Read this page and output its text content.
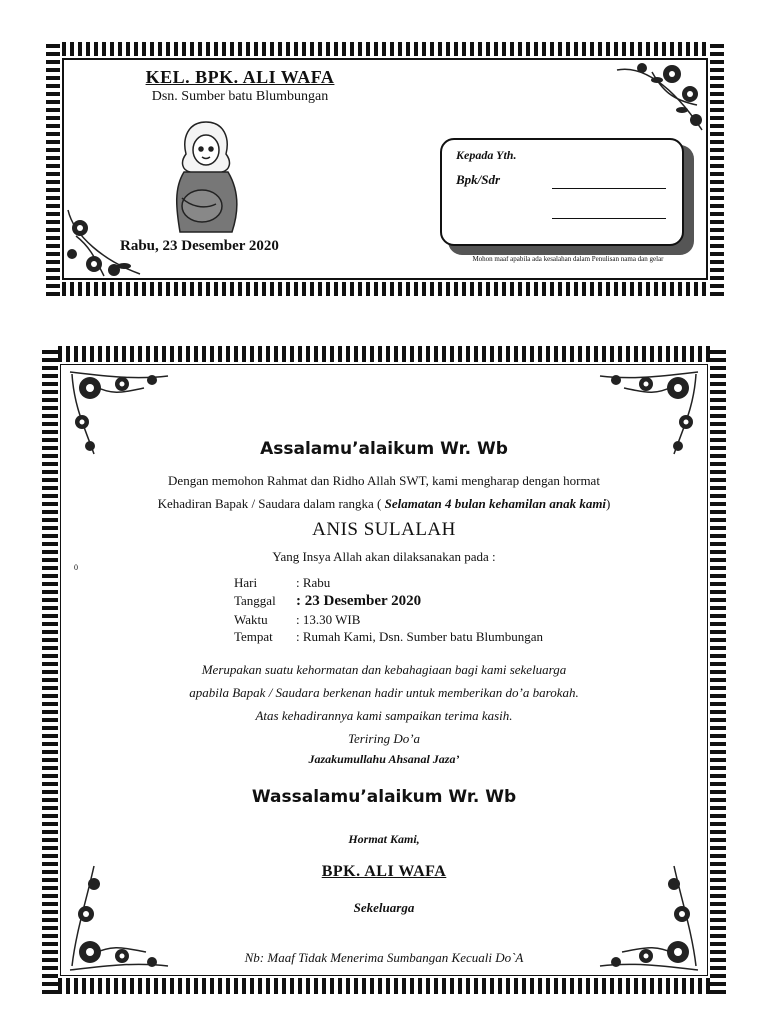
KEL. BPK. ALI WAFA
Dsn. Sumber batu Blumbungan
Rabu, 23 Desember 2020
Kepada Yth.
Bpk/Sdr
Mohon maaf apabila ada kesalahan dalam Penulisan nama dan gelar
Assalamu’alaikum Wr. Wb
Dengan memohon Rahmat dan Ridho Allah SWT, kami mengharap dengan hormat
Kehadiran Bapak / Saudara dalam rangka ( Selamatan 4 bulan kehamilan anak kami)
ANIS SULALAH
Yang Insya Allah akan dilaksanakan pada :
0
Hari	: Rabu
Tanggal : 23 Desember 2020
Waktu : 13.30 WIB
Tempat : Rumah Kami, Dsn. Sumber batu Blumbungan
Merupakan suatu kehormatan dan kebahagiaan bagi kami sekeluarga
apabila Bapak / Saudara berkenan hadir untuk memberikan do’a barokah.
Atas kehadirannya kami sampaikan terima kasih.
Teriring Do’a
Jazakumullahu Ahsanal Jaza’
Wassalamu’alaikum Wr. Wb
Hormat Kami,
BPK. ALI WAFA
Sekeluarga
Nb: Maaf Tidak Menerima Sumbangan Kecuali Do`A
